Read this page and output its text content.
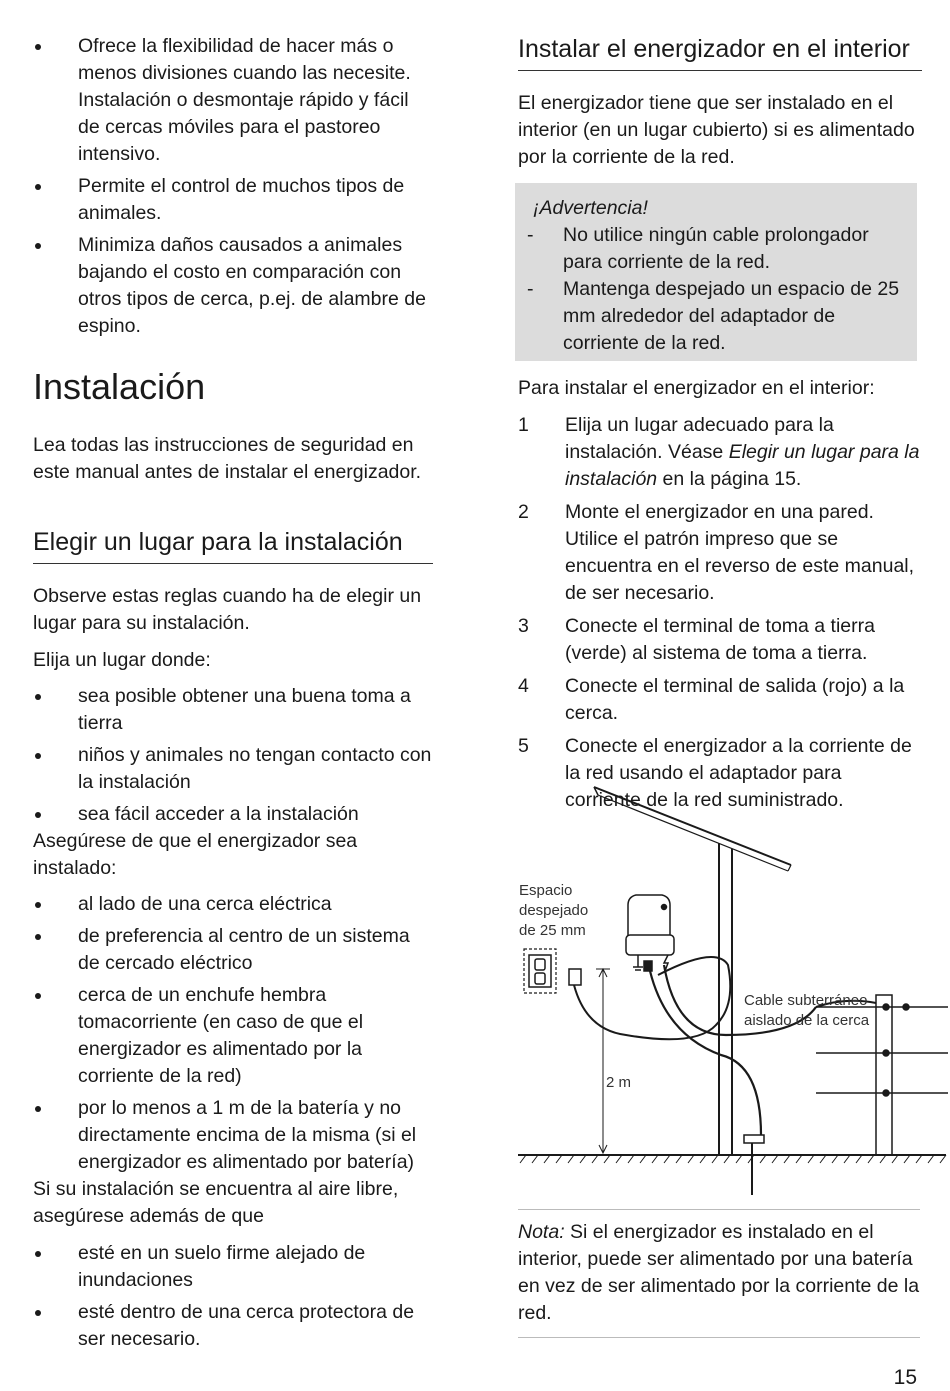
Ofrece la flexibilidad de hacer más o menos divisiones cuando las necesite. Instalación o desmontaje rápido y fácil de cercas móviles para el pastoreo intensivo.
Permite el control de muchos tipos de animales.
Minimiza daños causados a animales bajando el costo en comparación con otros tipos de cerca, p.ej. de alambre de espino.
Instalación

Lea todas las instrucciones de seguridad en este manual antes de instalar el energizador.

Elegir un lugar para la instalación

Observe estas reglas cuando ha de elegir un lugar para su instalación.

Elija un lugar donde:

sea posible obtener una buena toma a tierra
niños y animales no tengan contacto con la instalación
sea fácil acceder a la instalación

Asegúrese de que el energizador sea instalado:

al lado de una cerca eléctrica
de preferencia al centro de un sistema de cercado eléctrico
cerca de un enchufe hembra tomacorriente (en caso de que el energizador es alimentado por la corriente de la red)
por lo menos a 1 m de la batería y no directamente encima de la misma (si el energizador es alimentado por batería)

Si su instalación se encuentra al aire libre, asegúrese además de que

esté en un suelo firme alejado de inundaciones
esté dentro de una cerca protectora de ser necesario.
Instalar el energizador en el interior

El energizador tiene que ser instalado en el interior (en un lugar cubierto) si es alimentado por la corriente de la red.

¡Advertencia!
- No utilice ningún cable prolongador para corriente de la red.
- Mantenga despejado un espacio de 25 mm alrededor del adaptador de corriente de la red.

Para instalar el energizador en el interior:

1 Elija un lugar adecuado para la instalación. Véase Elegir un lugar para la instalación en la página 15.
2 Monte el energizador en una pared. Utilice el patrón impreso que se encuentra en el reverso de este manual, de ser necesario.
3 Conecte el terminal de toma a tierra (verde) al sistema de toma a tierra.
4 Conecte el terminal de salida (rojo) a la cerca.
5 Conecte el energizador a la corriente de la red usando el adaptador para corriente de la red suministrado.
Espacio despejado de 25 mm
Cable subterráneo aislado de la cerca
2 m
Nota: Si el energizador es instalado en el interior, puede ser alimentado por una batería en vez de ser alimentado por la corriente de la red.
15
